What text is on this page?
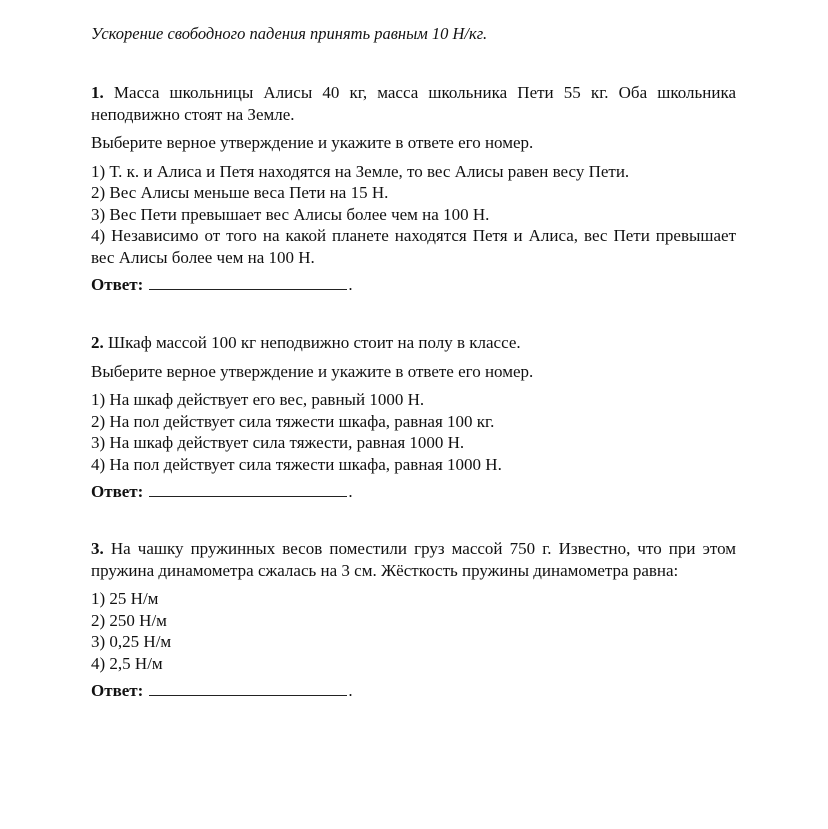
Ускорение свободного падения принять равным 10 Н/кг.

1. Масса школьницы Алисы 40 кг, масса школьника Пети 55 кг. Оба школьника неподвижно стоят на Земле.

Выберите верное утверждение и укажите в ответе его номер.

1) Т. к. и Алиса и Петя находятся на Земле, то вес Алисы равен весу Пети.
2) Вес Алисы меньше веса Пети на 15 Н.
3) Вес Пети превышает вес Алисы более чем на 100 Н.
4) Независимо от того на какой планете находятся Петя и Алиса, вес Пети превышает вес Алисы более чем на 100 Н.
Ответ:	.

2. Шкаф массой 100 кг неподвижно стоит на полу в классе.

Выберите верное утверждение и укажите в ответе его номер.

1) На шкаф действует его вес, равный 1000 Н.
2) На пол действует сила тяжести шкафа, равная 100 кг.
3) На шкаф действует сила тяжести, равная 1000 Н.
4) На пол действует сила тяжести шкафа, равная 1000 Н.
Ответ:	.

3. На чашку пружинных весов поместили груз массой 750 г. Известно, что при этом пружина динамометра сжалась на 3 см. Жёсткость пружины динамометра равна:

1) 25 Н/м
2) 250 Н/м
3) 0,25 Н/м
4) 2,5 Н/м
Ответ:	.
